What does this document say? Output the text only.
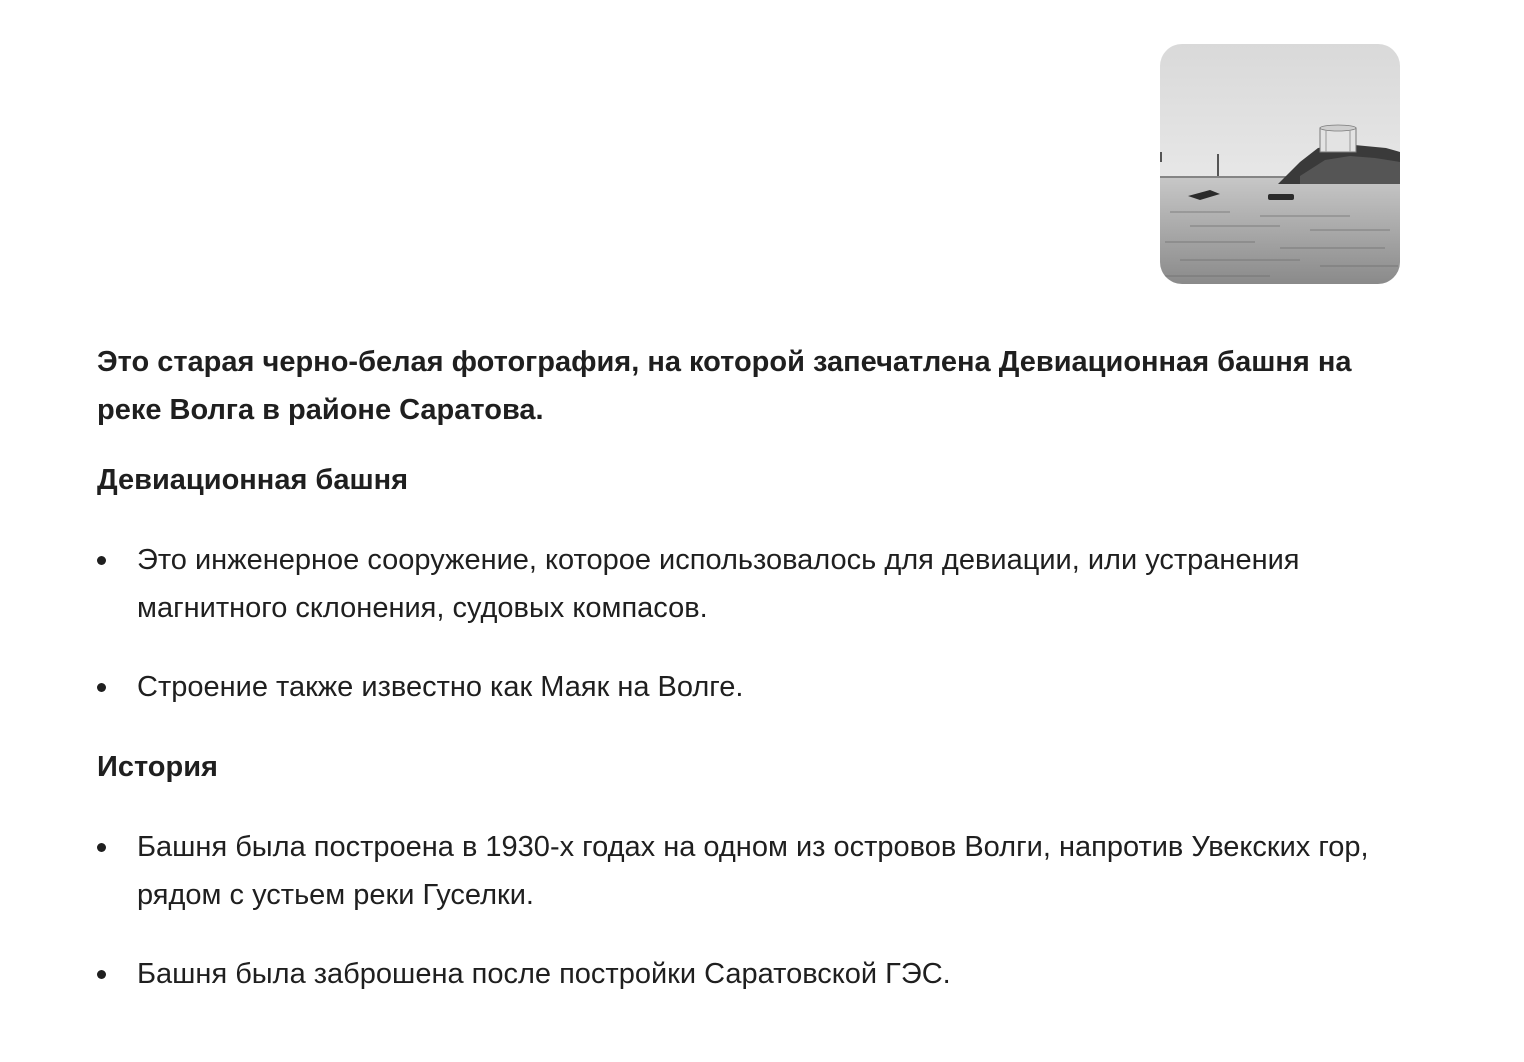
Это старая черно-белая фотография, на которой запечатлена Девиационная башня на реке Волга в районе Саратова.

Девиационная башня
Это инженерное сооружение, которое использовалось для девиации, или устранения магнитного склонения, судовых компасов.
Строение также известно как Маяк на Волге.
История
Башня была построена в 1930-х годах на одном из островов Волги, напротив Увекских гор, рядом с устьем реки Гуселки.
Башня была заброшена после постройки Саратовской ГЭС.
